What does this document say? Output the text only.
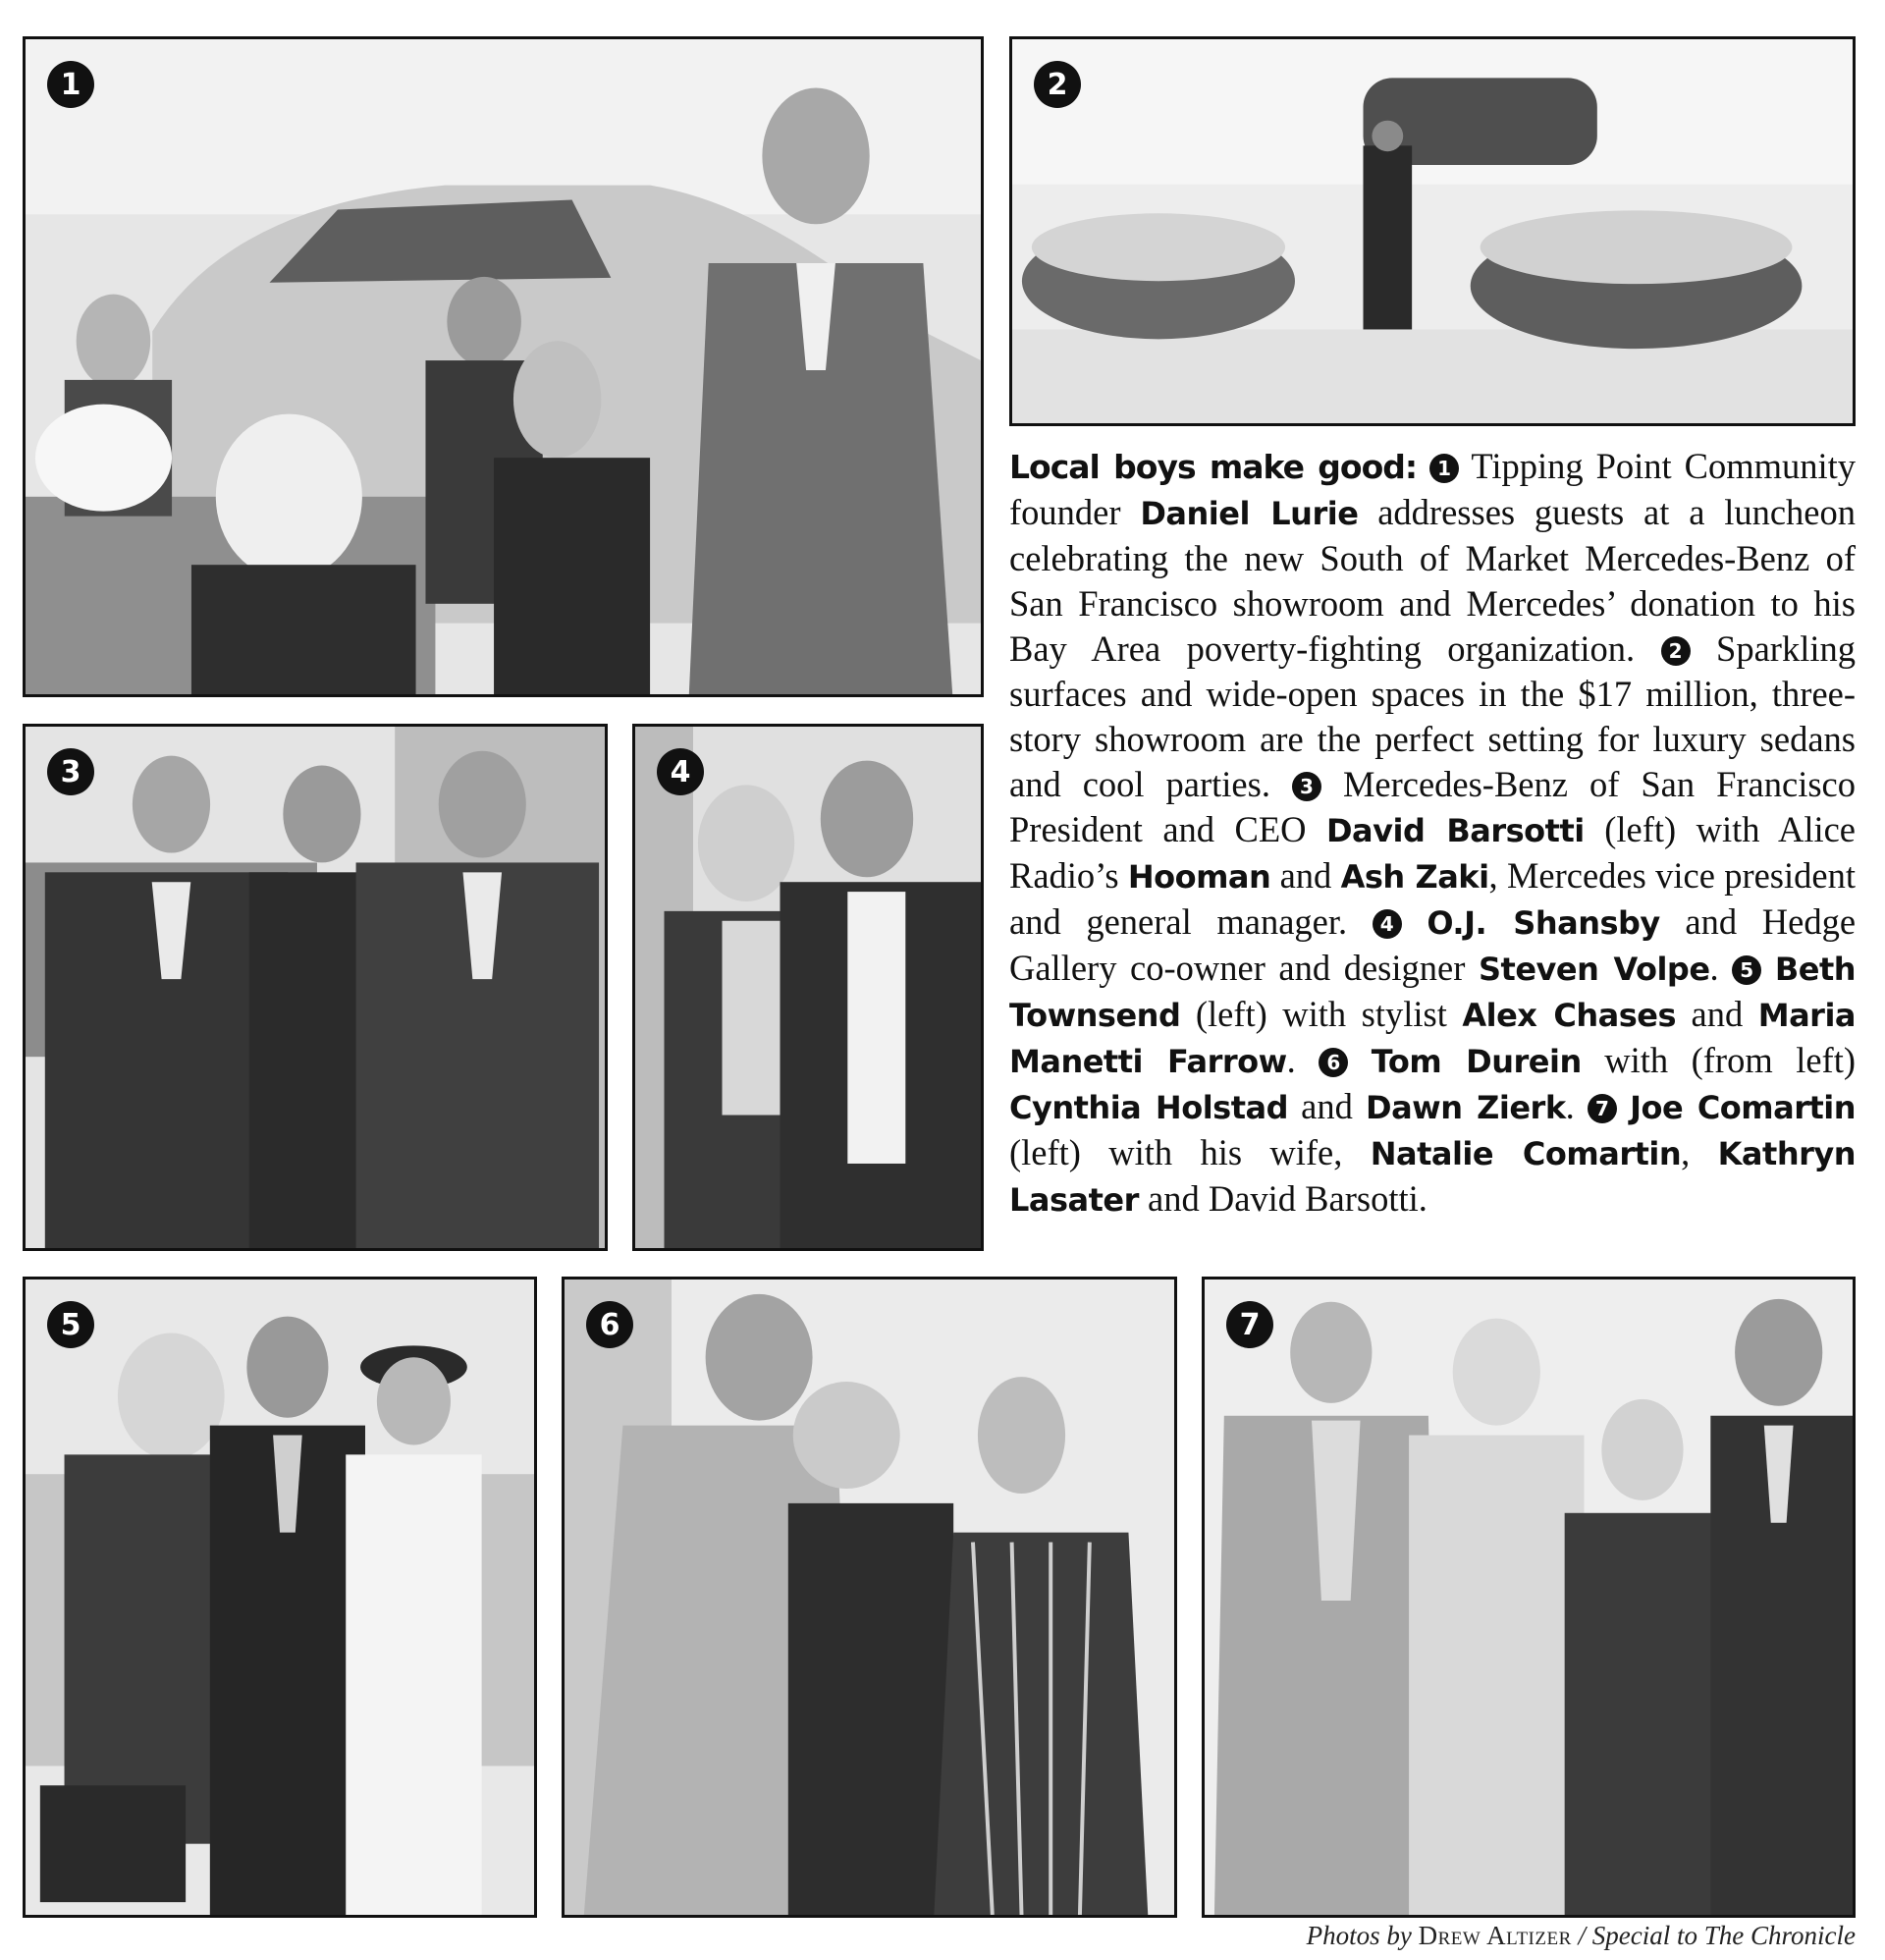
1	2
3	4
5	6	7
Local boys make good: 1 Tipping Point Community founder Daniel Lurie addresses guests at a luncheon celebrating the new South of Market Mercedes-Benz of San Francisco showroom and Mercedes’ donation to his Bay Area poverty-fighting organization. 2 Sparkling surfaces and wide-open spaces in the $17 million, three-story showroom are the perfect setting for luxury sedans and cool parties. 3 Mercedes-Benz of San Francisco President and CEO David Barsotti (left) with Alice Radio’s Hooman and Ash Zaki, Mercedes vice president and general manager. 4 O.J. Shansby and Hedge Gallery co-owner and designer Steven Volpe. 5 Beth Townsend (left) with stylist Alex Chases and Maria Manetti Farrow. 6 Tom Durein with (from left) Cynthia Holstad and Dawn Zierk. 7 Joe Comartin (left) with his wife, Natalie Comartin, Kathryn Lasater and David Barsotti.
Photos by Drew Altizer / Special to The Chronicle
